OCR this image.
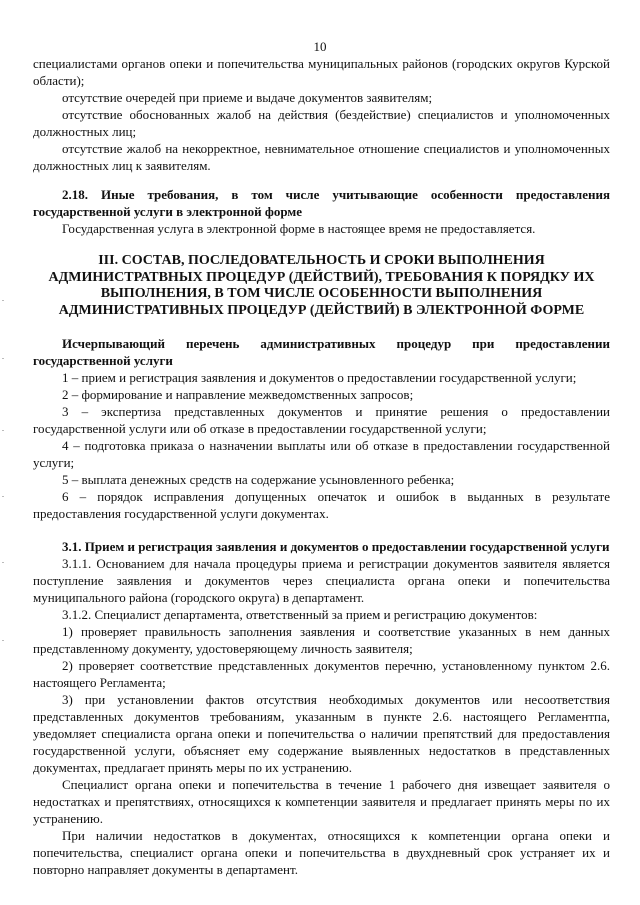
10

специалистами органов опеки и попечительства муниципальных районов (городских округов Курской области);

отсутствие очередей при приеме и выдаче документов заявителям;

отсутствие обоснованных жалоб на действия (бездействие) специалистов и уполномоченных должностных лиц;

отсутствие жалоб на некорректное, невнимательное отношение специалистов и уполномоченных должностных лиц к заявителям.

2.18. Иные требования, в том числе учитывающие особенности предоставления государственной услуги в электронной форме

Государственная услуга в электронной форме в настоящее время не предоставляется.

III. СОСТАВ, ПОСЛЕДОВАТЕЛЬНОСТЬ И СРОКИ ВЫПОЛНЕНИЯ АДМИНИСТРАТВНЫХ ПРОЦЕДУР (ДЕЙСТВИЙ), ТРЕБОВАНИЯ К ПОРЯДКУ ИХ ВЫПОЛНЕНИЯ, В ТОМ ЧИСЛЕ ОСОБЕННОСТИ ВЫПОЛНЕНИЯ АДМИНИСТРАТИВНЫХ ПРОЦЕДУР (ДЕЙСТВИЙ) В ЭЛЕКТРОННОЙ ФОРМЕ

Исчерпывающий перечень административных процедур при предоставлении государственной услуги

1 – прием и регистрация заявления и документов о предоставлении государственной услуги;

2 – формирование и направление межведомственных запросов;

3 – экспертиза представленных документов и принятие решения о предоставлении государственной услуги или об отказе в предоставлении государственной услуги;

4 – подготовка приказа о назначении выплаты или об отказе в предоставлении государственной услуги;

5 – выплата денежных средств на содержание усыновленного ребенка;

6 – порядок исправления допущенных опечаток и ошибок в выданных в результате предоставления государственной услуги документах.

3.1. Прием и регистрация заявления и документов о предоставлении государственной услуги

3.1.1. Основанием для начала процедуры приема и регистрации документов заявителя является поступление заявления и документов через специалиста органа опеки и попечительства муниципального района (городского округа) в департамент.

3.1.2. Специалист департамента, ответственный за прием и регистрацию документов:

1) проверяет правильность заполнения заявления и соответствие указанных в нем данных представленному документу, удостоверяющему личность заявителя;

2) проверяет соответствие представленных документов перечню, установленному пунктом 2.6. настоящего Регламента;

3) при установлении фактов отсутствия необходимых документов или несоответствия представленных документов требованиям, указанным в пункте 2.6. настоящего Регламентпа, уведомляет специалиста органа опеки и попечительства о наличии препятствий для предоставления государственной услуги, объясняет ему содержание выявленных недостатков в представленных документах, предлагает принять меры по их устранению.

Специалист органа опеки и попечительства в течение 1 рабочего дня извещает заявителя о недостатках и препятствиях, относящихся к компетенции заявителя и предлагает принять меры по их устранению.

При наличии недостатков в документах, относящихся к компетенции органа опеки и попечительства, специалист органа опеки и попечительства в двухдневный срок устраняет их и повторно направляет документы в департамент.
